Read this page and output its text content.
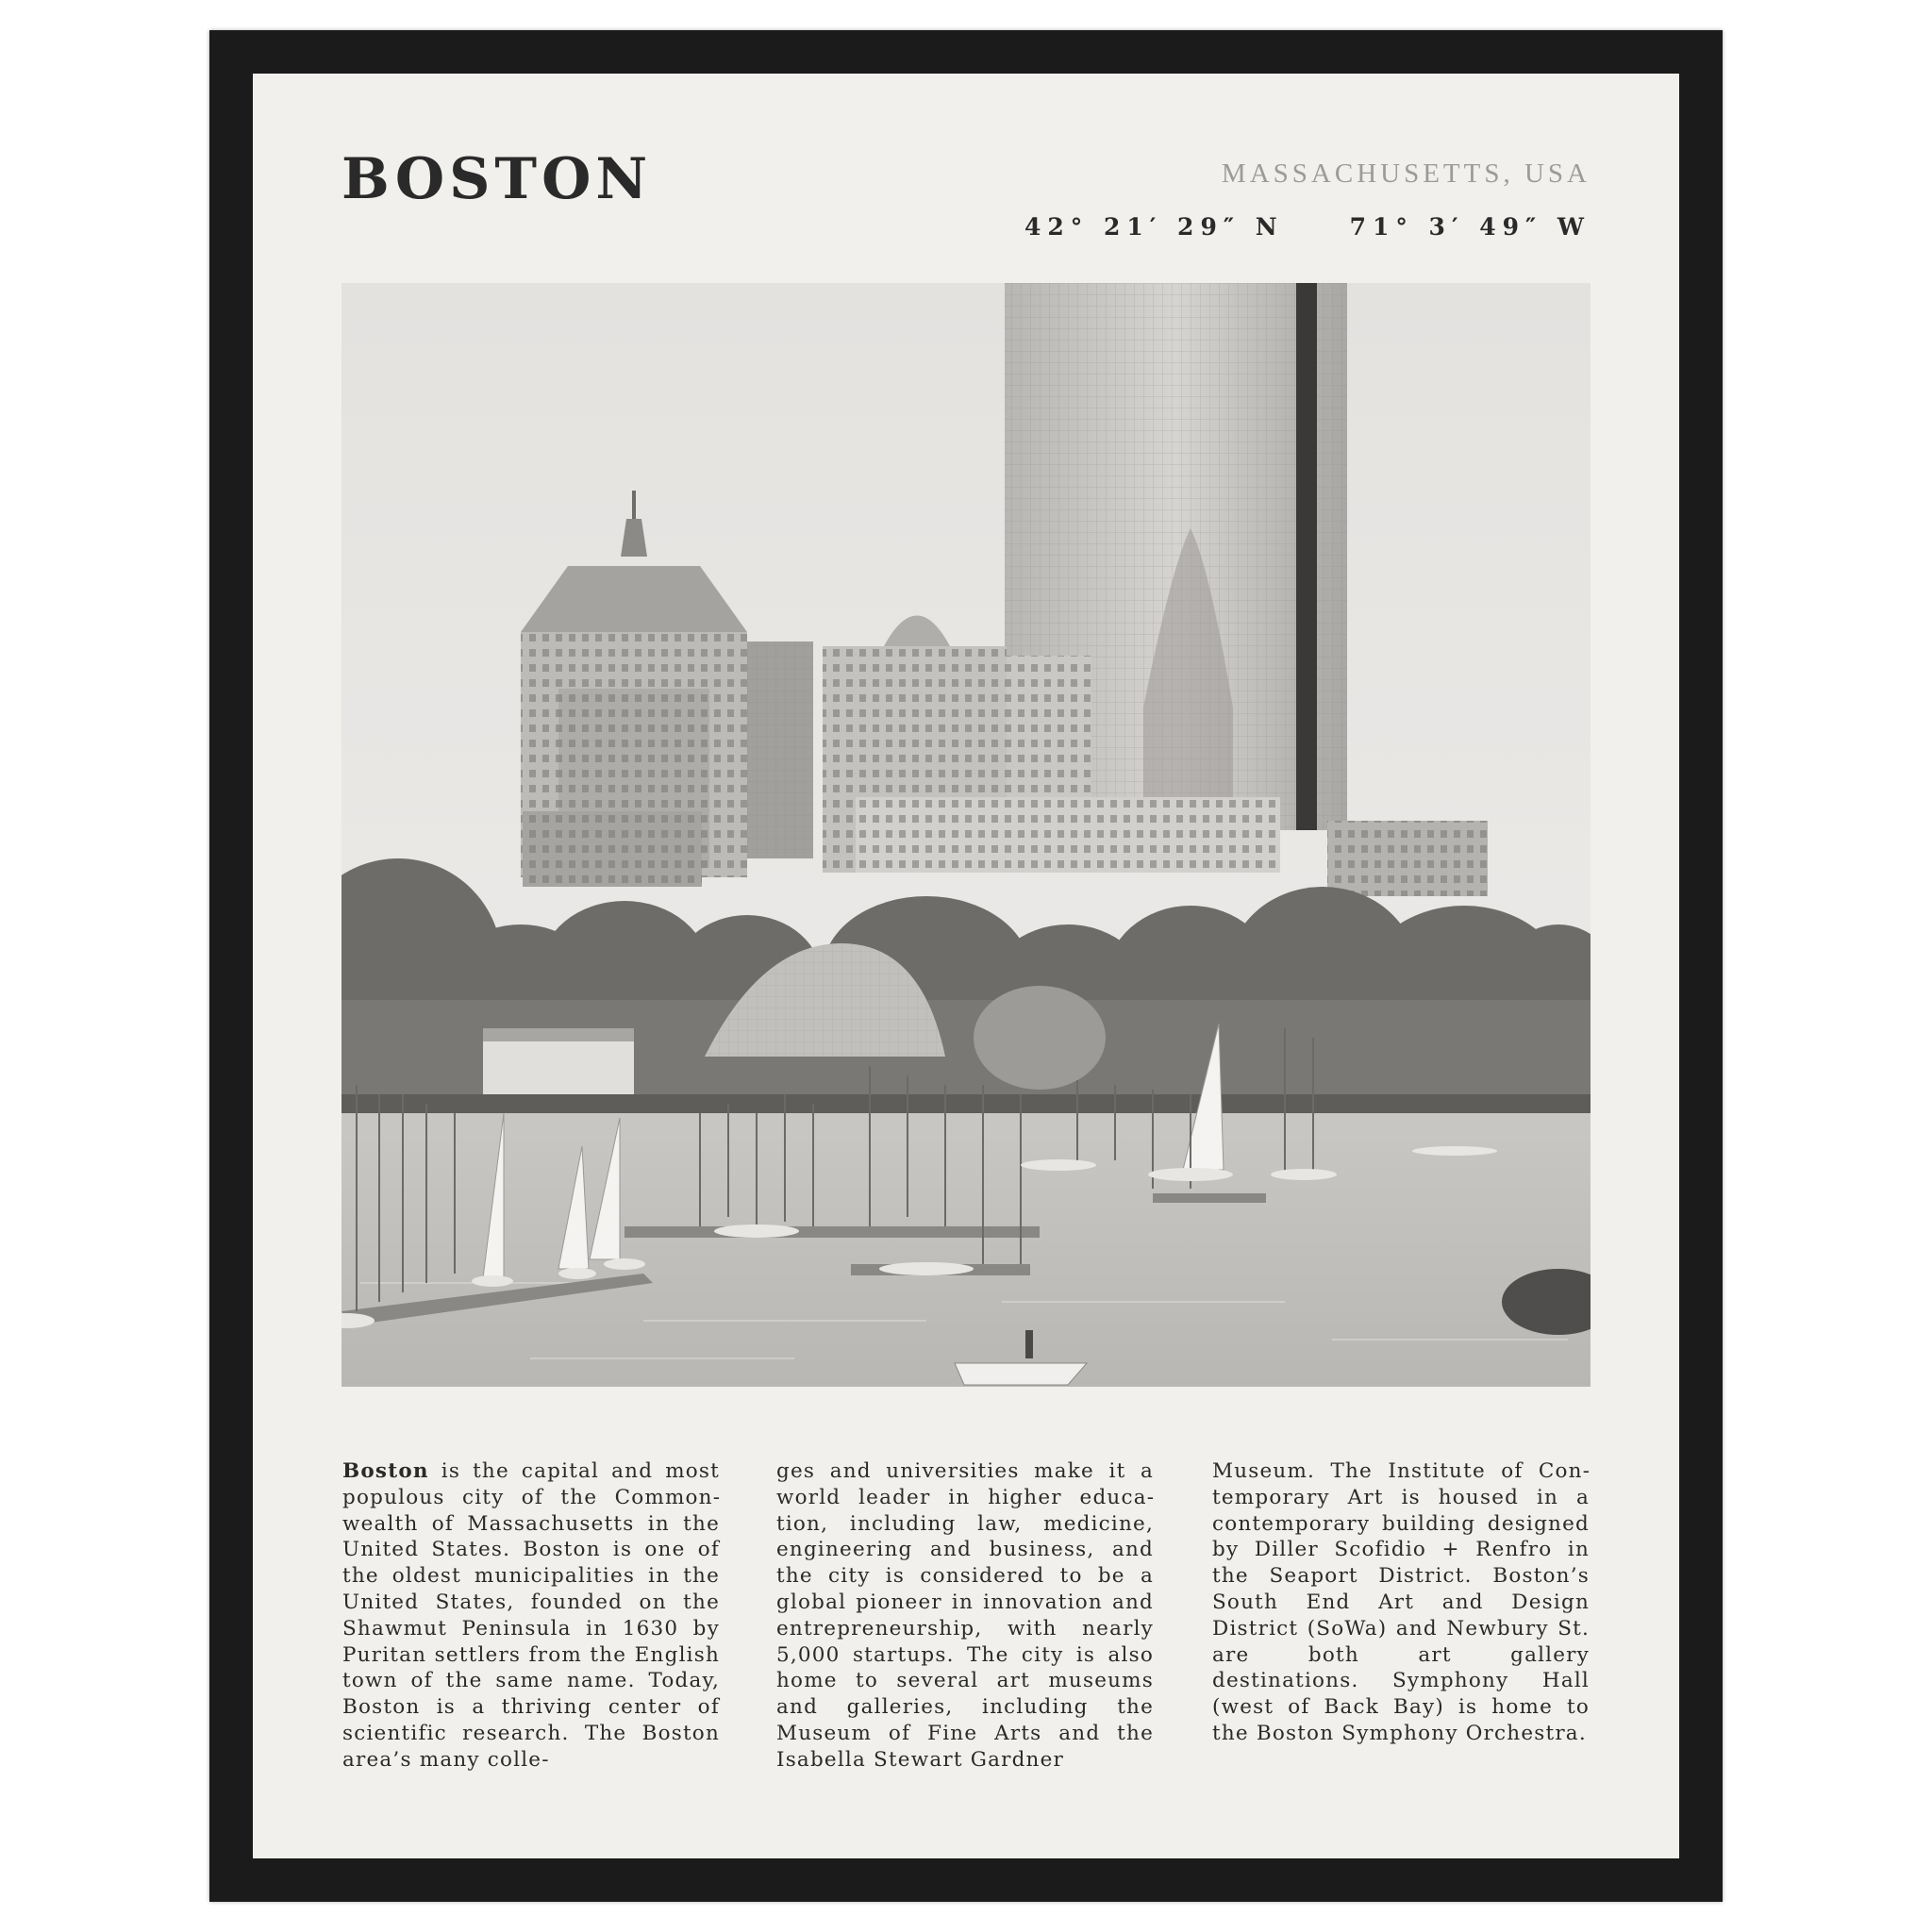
BOSTON	MASSACHUSETTS, USA
42° 21′ 29″ N	71° 3′ 49″ W
Boston is the capital and most populous city of the Commonwealth of Massachusetts in the United States. Boston is one of the oldest municipalities in the United States, founded on the Shawmut Peninsula in 1630 by Puritan settlers from the English town of the same name. Today, Boston is a thriving center of scientific research. The Boston area’s many colle-
ges and universities make it a world leader in higher education, including law, medicine, engineering and business, and the city is considered to be a global pioneer in innovation and entrepreneurship, with nearly 5,000 startups. The city is also home to several art museums and galleries, including the Museum of Fine Arts and the Isabella Stewart Gardner
Museum. The Institute of Contemporary Art is housed in a contemporary building designed by Diller Scofidio + Renfro in the Seaport District. Boston’s South End Art and Design District (SoWa) and Newbury St. are both art gallery destinations. Symphony Hall (west of Back Bay) is home to the Boston Symphony Orchestra.
